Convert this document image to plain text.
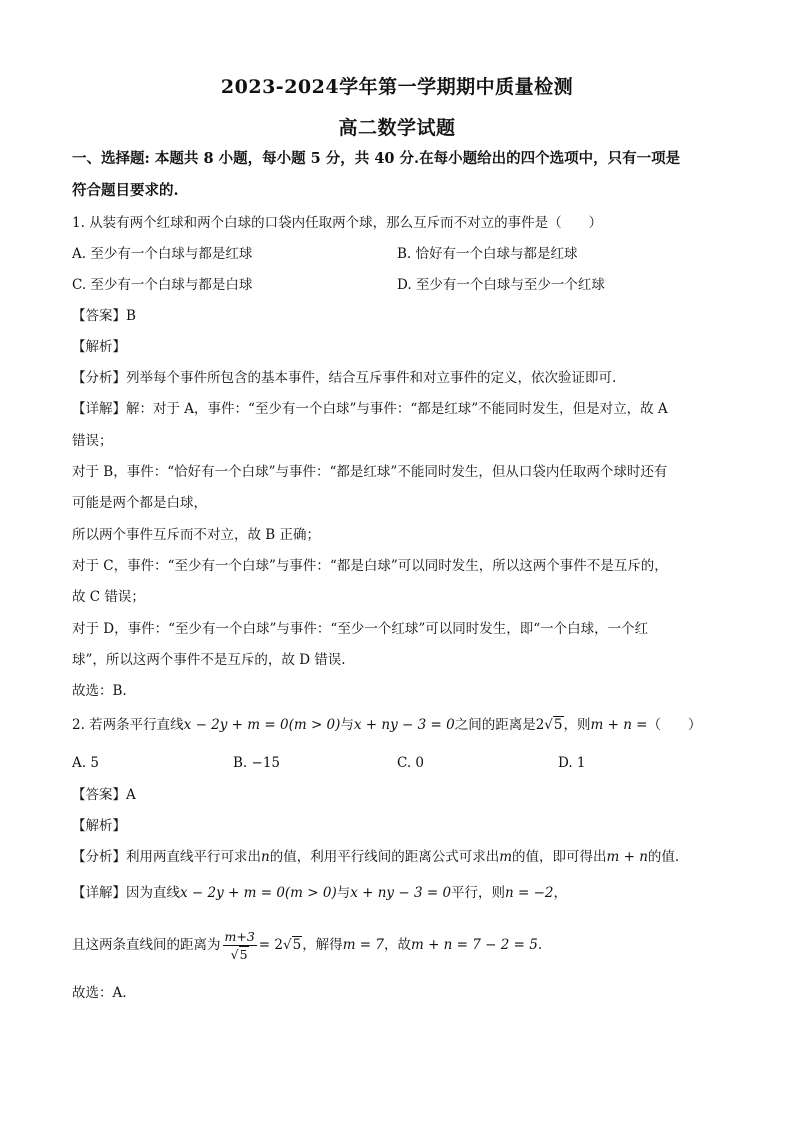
2023-2024学年第一学期期中质量检测
高二数学试题
一、选择题: 本题共 8 小题，每小题 5 分，共 40 分.在每小题给出的四个选项中，只有一项是
符合题目要求的.
1. 从装有两个红球和两个白球的口袋内任取两个球，那么互斥而不对立的事件是（　　）
A. 至少有一个白球与都是红球	B. 恰好有一个白球与都是红球
C. 至少有一个白球与都是白球	D. 至少有一个白球与至少一个红球
【答案】B
【解析】
【分析】列举每个事件所包含的基本事件，结合互斥事件和对立事件的定义，依次验证即可.
【详解】解：对于 A，事件：“至少有一个白球”与事件：“都是红球”不能同时发生，但是对立，故 A
错误；
对于 B，事件：“恰好有一个白球”与事件：“都是红球”不能同时发生，但从口袋内任取两个球时还有
可能是两个都是白球，
所以两个事件互斥而不对立，故 B 正确；
对于 C，事件：“至少有一个白球”与事件：“都是白球”可以同时发生，所以这两个事件不是互斥的，
故 C 错误；
对于 D，事件：“至少有一个白球”与事件：“至少一个红球”可以同时发生，即“一个白球，一个红
球”，所以这两个事件不是互斥的，故 D 错误.
故选：B.
2. 若两条平行直线x − 2y + m = 0(m > 0)与x + ny − 3 = 0之间的距离是2√5，则m + n =（　　）
A. 5	B. −15	C. 0	D. 1
【答案】A
【解析】
【分析】利用两直线平行可求出n的值，利用平行线间的距离公式可求出m的值，即可得出m + n的值.
【详解】因为直线x − 2y + m = 0(m > 0)与x + ny − 3 = 0平行，则n = −2，
且这两条直线间的距离为 $\frac{m+3}{√5} = 2√5$，解得m = 7，故m + n = 7 − 2 = 5.
故选：A.
